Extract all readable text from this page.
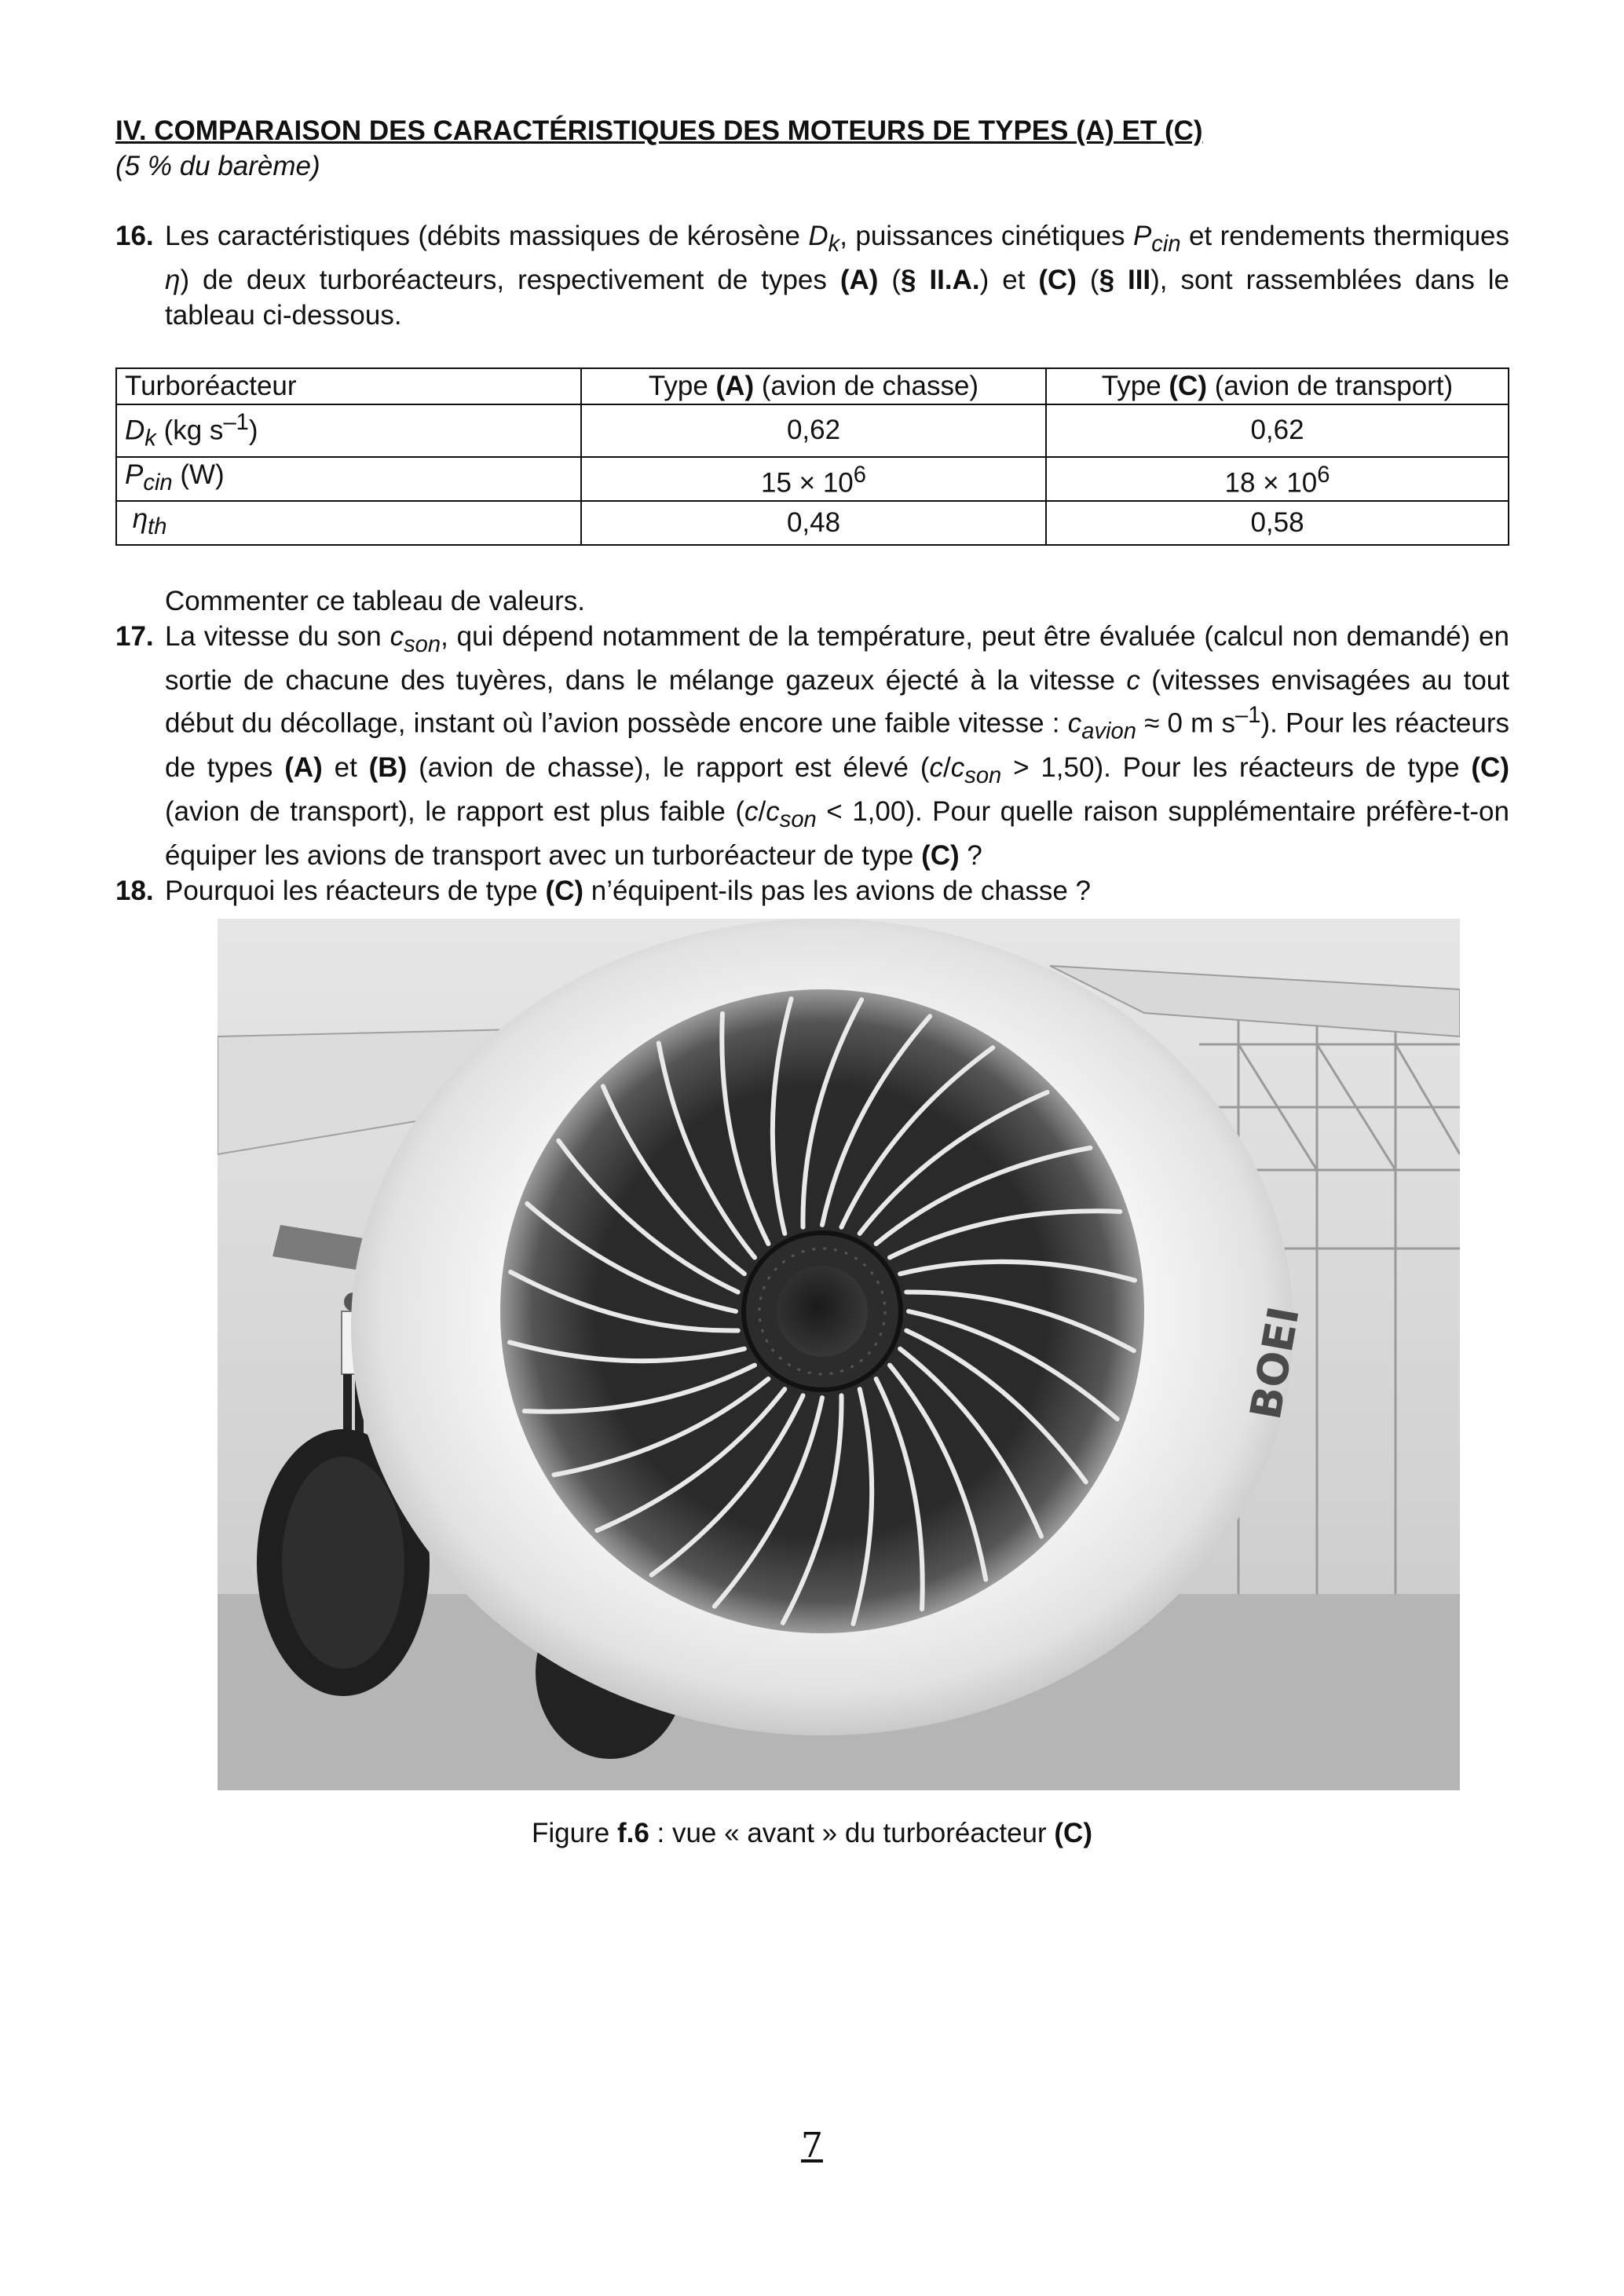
IV. COMPARAISON DES CARACTÉRISTIQUES DES MOTEURS DE TYPES (A) ET (C)
(5 % du barème)
16. Les caractéristiques (débits massiques de kérosène $D_k$, puissances cinétiques $P_{cin}$ et rendements thermiques η) de deux turboréacteurs, respectivement de types (A) (§ II.A.) et (C) (§ III), sont rassemblées dans le tableau ci-dessous.
Turboréacteur	Type (A) (avion de chasse)	Type (C) (avion de transport)
$D_k$ (kg $s^{-1}$)	0,62	0,62
$P_{cin}$ (W)	$15 \times 10^6$	$18 \times 10^6$
$\eta_{th}$	0,48	0,58
Commenter ce tableau de valeurs.
17. La vitesse du son $c_{son}$, qui dépend notamment de la température, peut être évaluée (calcul non demandé) en sortie de chacune des tuyères, dans le mélange gazeux éjecté à la vitesse c (vitesses envisagées au tout début du décollage, instant où l’avion possède encore une faible vitesse : $c_{avion} \approx 0$ m $s^{-1}$). Pour les réacteurs de types (A) et (B) (avion de chasse), le rapport est élevé $(c/c_{son} > 1,50)$. Pour les réacteurs de type (C) (avion de transport), le rapport est plus faible $(c/c_{son} < 1,00)$. Pour quelle raison supplémentaire préfère-t-on équiper les avions de transport avec un turboréacteur de type (C) ?
18. Pourquoi les réacteurs de type (C) n’équipent-ils pas les avions de chasse ?
BOEI
Figure f.6 : vue « avant » du turboréacteur (C)
7
